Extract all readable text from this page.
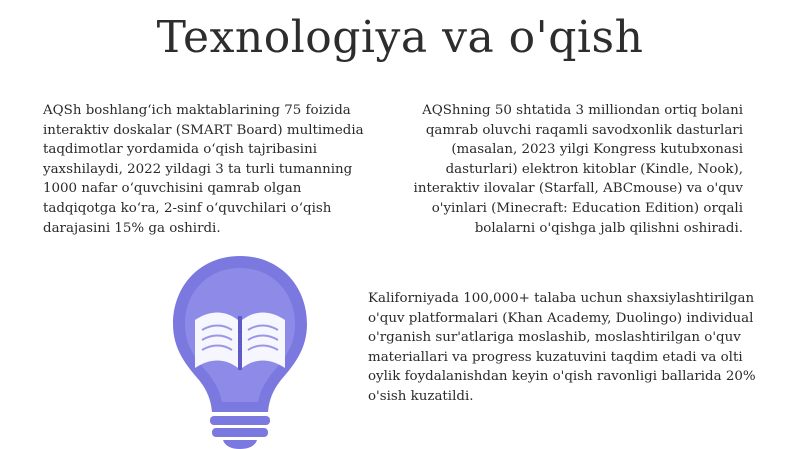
Texnologiya va o'qish

AQSh boshlang‘ich maktablarining 75 foizida interaktiv doskalar (SMART Board) multimedia taqdimotlar yordamida o‘qish tajribasini yaxshilaydi, 2022 yildagi 3 ta turli tumanning 1000 nafar o‘quvchisini qamrab olgan tadqiqotga ko‘ra, 2-sinf o‘quvchilari o‘qish darajasini 15% ga oshirdi.

AQShning 50 shtatida 3 milliondan ortiq bolani qamrab oluvchi raqamli savodxonlik dasturlari (masalan, 2023 yilgi Kongress kutubxonasi dasturlari) elektron kitoblar (Kindle, Nook), interaktiv ilovalar (Starfall, ABCmouse) va o'quv o'yinlari (Minecraft: Education Edition) orqali bolalarni o'qishga jalb qilishni oshiradi.

Kaliforniyada 100,000+ talaba uchun shaxsiylashtirilgan o'quv platformalari (Khan Academy, Duolingo) individual o'rganish sur'atlariga moslashib, moslashtirilgan o'quv materiallari va progress kuzatuvini taqdim etadi va olti oylik foydalanishdan keyin o'qish ravonligi ballarida 20% o'sish kuzatildi.
